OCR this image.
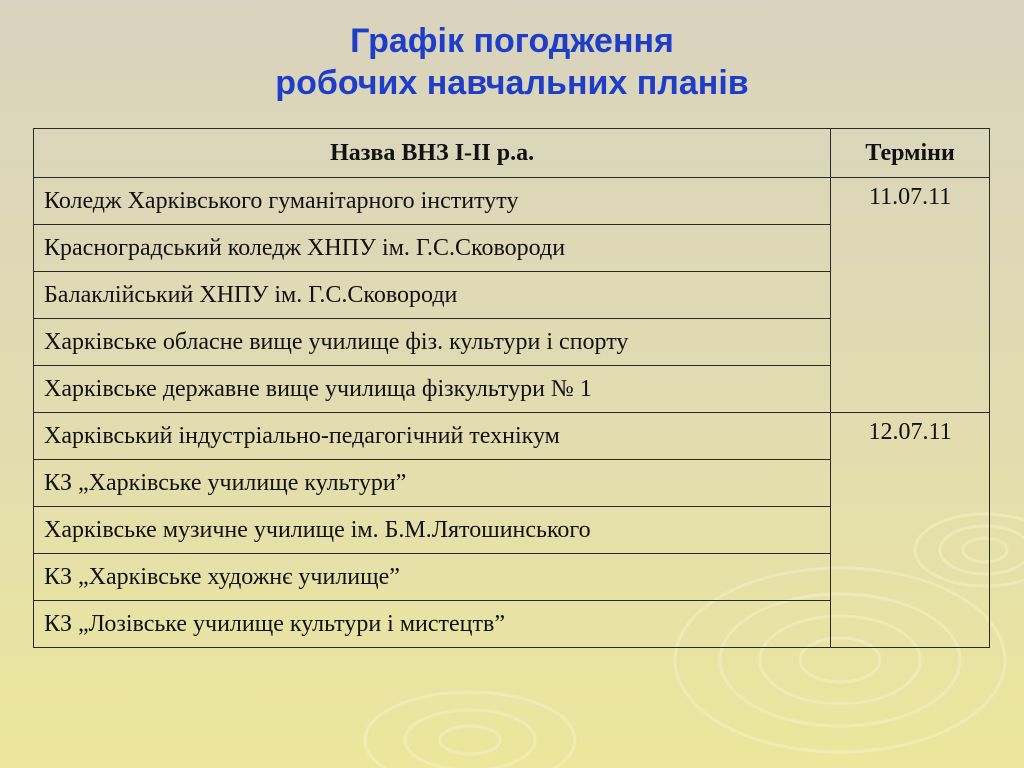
Графік погодження
робочих навчальних планів
Назва ВНЗ І-ІІ р.а.	Терміни
Коледж Харківського гуманітарного інституту	11.07.11
Красноградський коледж ХНПУ ім. Г.С.Сковороди	
Балаклійський ХНПУ ім. Г.С.Сковороди	
Харківське обласне вище училище фіз. культури і спорту	
Харківське державне вище училища фізкультури № 1	
Харківський індустріально-педагогічний технікум	12.07.11
КЗ „Харківське училище культури”	
Харківське музичне училище ім. Б.М.Лятошинського	
КЗ „Харківське художнє училище”	
КЗ „Лозівське училище культури і мистецтв”	
